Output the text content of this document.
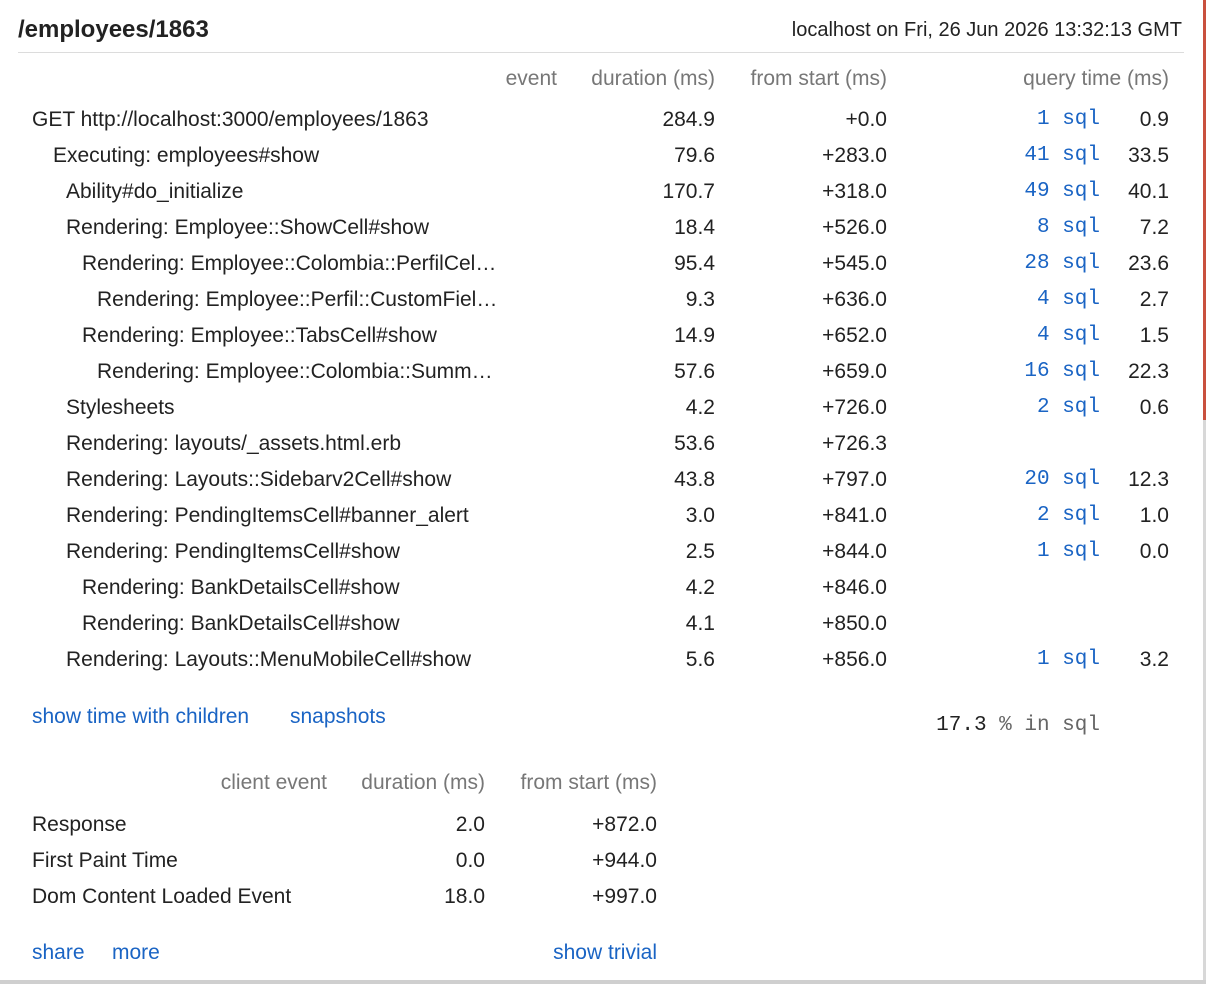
/employees/1863	localhost on Fri, 26 Jun 2026 13:32:13 GMT
event	duration (ms)	from start (ms)	query time (ms)
GET http://localhost:3000/employees/1863	284.9	+0.0	1 sql	0.9
Executing: employees#show	79.6	+283.0	41 sql	33.5
Ability#do_initialize	170.7	+318.0	49 sql	40.1
Rendering: Employee::ShowCell#show	18.4	+526.0	8 sql	7.2
Rendering: Employee::Colombia::PerfilCel…	95.4	+545.0	28 sql	23.6
Rendering: Employee::Perfil::CustomFiel…	9.3	+636.0	4 sql	2.7
Rendering: Employee::TabsCell#show	14.9	+652.0	4 sql	1.5
Rendering: Employee::Colombia::Summ…	57.6	+659.0	16 sql	22.3
Stylesheets	4.2	+726.0	2 sql	0.6
Rendering: layouts/_assets.html.erb	53.6	+726.3
Rendering: Layouts::Sidebarv2Cell#show	43.8	+797.0	20 sql	12.3
Rendering: PendingItemsCell#banner_alert	3.0	+841.0	2 sql	1.0
Rendering: PendingItemsCell#show	2.5	+844.0	1 sql	0.0
Rendering: BankDetailsCell#show	4.2	+846.0
Rendering: BankDetailsCell#show	4.1	+850.0
Rendering: Layouts::MenuMobileCell#show	5.6	+856.0	1 sql	3.2
show time with children snapshots	17.3 % in sql
client event	duration (ms)	from start (ms)
Response	2.0	+872.0
First Paint Time	0.0	+944.0
Dom Content Loaded Event	18.0	+997.0
share more	show trivial
